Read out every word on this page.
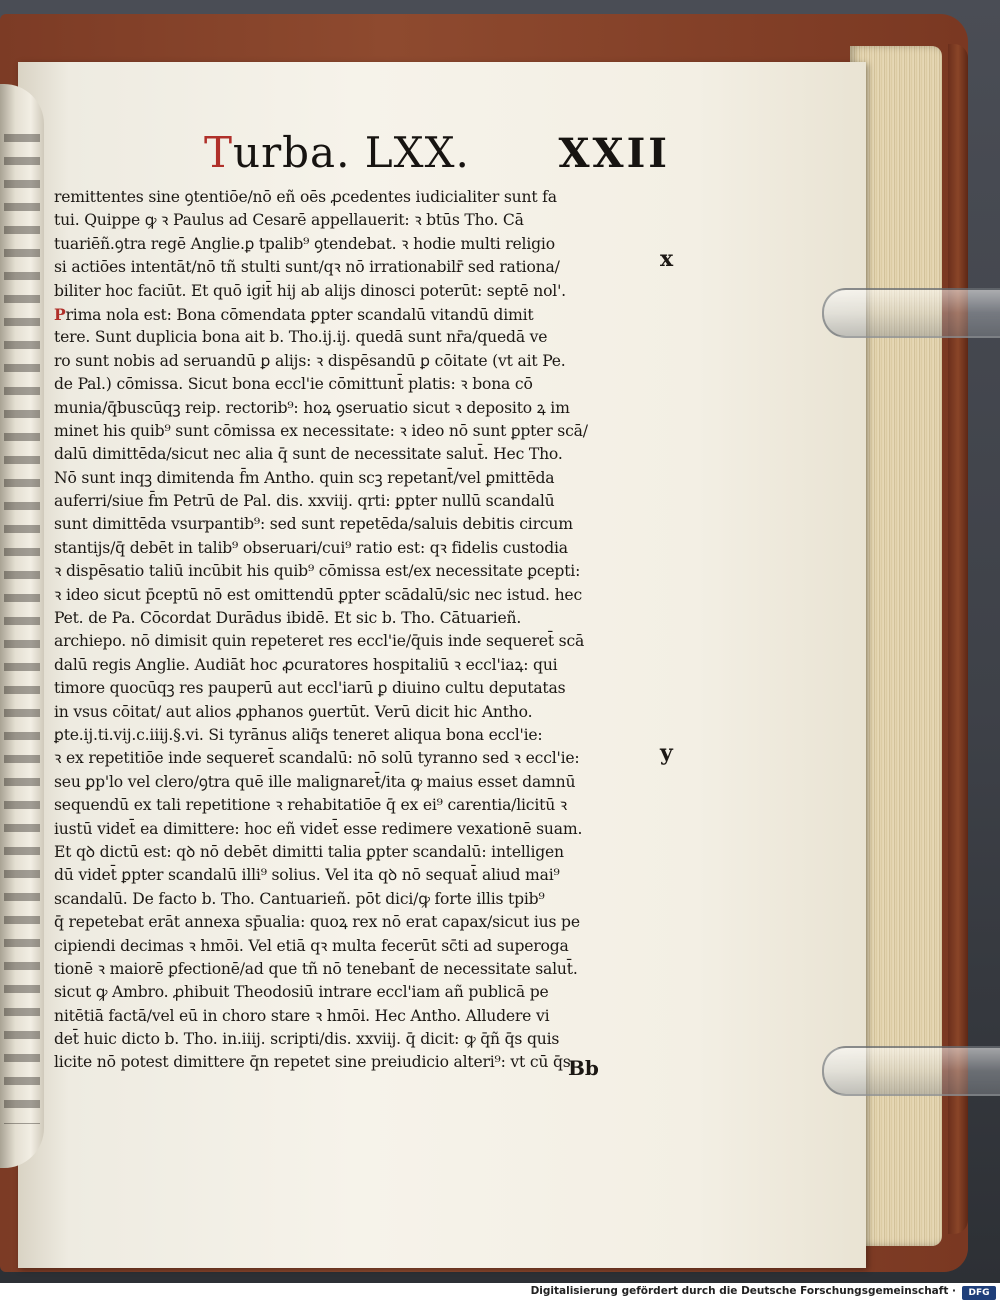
Turba. LXX. XXII
remittentes sine ꝯtentiōe/nō eñ oēs ꝓcedentes iudicialiter sunt fa
tui. Quippe ꝙ ꝛ Paulus ad Cesarē appellauerit: ꝛ btūs Tho. Cā
tuariēñ.ꝯtra regē Anglie.ꝑ tpalib⁹ ꝯtendebat. ꝛ hodie multi religio
si actiōes intentāt/nō tñ stulti sunt/qꝛ nō irrationabilr̄ sed rationa/
biliter hoc faciūt. Et quō igit̄ hij ab alijs dinosci poterūt: septē nol'.
Prima nola est: Bona cōmendata ꝑpter scandalū vitandū dimit
tere. Sunt duplicia bona ait b. Tho.ij.ij. quedā sunt nr̄a/quedā ve
ro sunt nobis ad seruandū ꝑ alijs: ꝛ dispēsandū ꝑ cōitate (vt ait Pe.
de Pal.) cōmissa. Sicut bona eccl'ie cōmittunt̄ platis: ꝛ bona cō
munia/q̄buscūqꝫ reip. rectorib⁹: hoꝝ ꝯseruatio sicut ꝛ deposito ꝝ im
minet his quib⁹ sunt cōmissa ex necessitate: ꝛ ideo nō sunt ꝑpter scā/
dalū dimittēda/sicut nec alia q̄ sunt de necessitate salut̄. Hec Tho.
Nō sunt inqꝫ dimitenda f̄m Antho. quin scꝫ repetant̄/vel ꝑmittēda
auferri/siue f̄m Petrū de Pal. dis. xxviij. qrti: ꝑpter nullū scandalū
sunt dimittēda vsurpantib⁹: sed sunt repetēda/saluis debitis circum
stantijs/q̄ debēt in talib⁹ obseruari/cui⁹ ratio est: qꝛ fidelis custodia
ꝛ dispēsatio taliū incūbit his quib⁹ cōmissa est/ex necessitate ꝑcepti:
ꝛ ideo sicut p̄ceptū nō est omittendū ꝑpter scādalū/sic nec istud. hec
Pet. de Pa. Cōcordat Durādus ibidē. Et sic b. Tho. Cātuarieñ.
archiepo. nō dimisit quin repeteret res eccl'ie/q̄uis inde sequeret̄ scā
dalū regis Anglie. Audiāt hoc ꝓcuratores hospitaliū ꝛ eccl'iaꝝ: qui
timore quocūqꝫ res pauperū aut eccl'iarū ꝑ diuino cultu deputatas
in vsus cōitat/ aut alios ꝓphanos ꝯuertūt. Verū dicit hic Antho.
ꝑte.ij.ti.vij.c.iiij.§.vi. Si tyrānus aliq̄s teneret aliqua bona eccl'ie:
ꝛ ex repetitiōe inde sequeret̄ scandalū: nō solū tyranno sed ꝛ eccl'ie:
seu ꝑp'lo vel clero/ꝯtra quē ille malignaret̄/ita ꝙ maius esset damnū
sequendū ex tali repetitione ꝛ rehabitatiōe q̄ ex ei⁹ carentia/licitū ꝛ
iustū videt̄ ea dimittere: hoc eñ videt̄ esse redimere vexationē suam.
Et qꝺ dictū est: qꝺ nō debēt dimitti talia ꝑpter scandalū: intelligen
dū videt̄ ꝑpter scandalū illi⁹ solius. Vel ita qꝺ nō sequat̄ aliud mai⁹
scandalū. De facto b. Tho. Cantuarieñ. pōt dici/ꝙ forte illis tpib⁹
q̄ repetebat erāt annexa sp̄ualia: quoꝝ rex nō erat capax/sicut ius pe
cipiendi decimas ꝛ hmōi. Vel etiā qꝛ multa fecerūt sc̄ti ad superoga
tionē ꝛ maiorē ꝑfectionē/ad que tñ nō tenebant̄ de necessitate salut̄.
sicut ꝙ Ambro. ꝓhibuit Theodosiū intrare eccl'iam añ publicā pe
nitētiā factā/vel eū in choro stare ꝛ hmōi. Hec Antho. Alludere vi
det̄ huic dicto b. Tho. in.iiij. scripti/dis. xxviij. q̄ dicit: ꝙ q̄ñ q̄s quis
licite nō potest dimittere q̄n repetet sine preiudicio alteri⁹: vt cū q̄s
x
y
Bb
Digitalisierung gefördert durch die Deutsche Forschungsgemeinschaft ·	DFG
